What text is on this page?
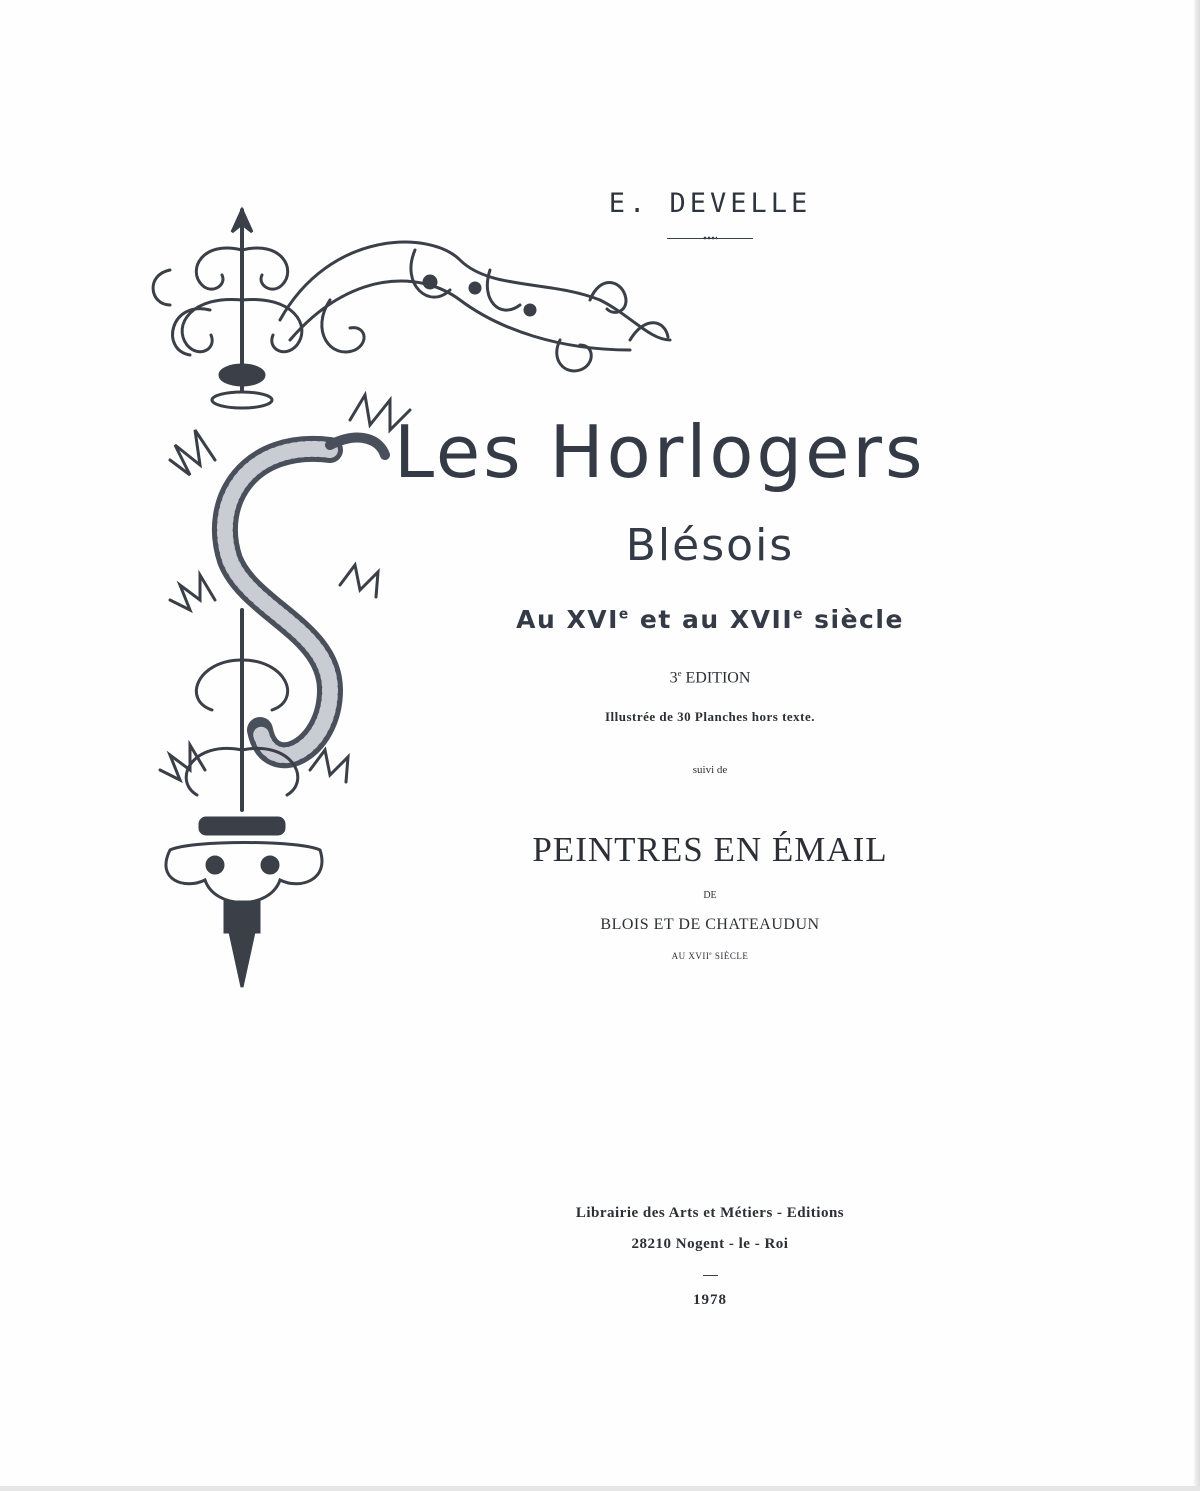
E. DEVELLE
Les Horlogers
Blésois
Au XVIe et au XVIIe siècle
3e EDITION
Illustrée de 30 Planches hors texte.
suivi de
PEINTRES EN ÉMAIL
DE
BLOIS ET DE CHATEAUDUN
AU XVIIe SIÈCLE
Librairie des Arts et Métiers - Editions
28210 Nogent - le - Roi
1978
